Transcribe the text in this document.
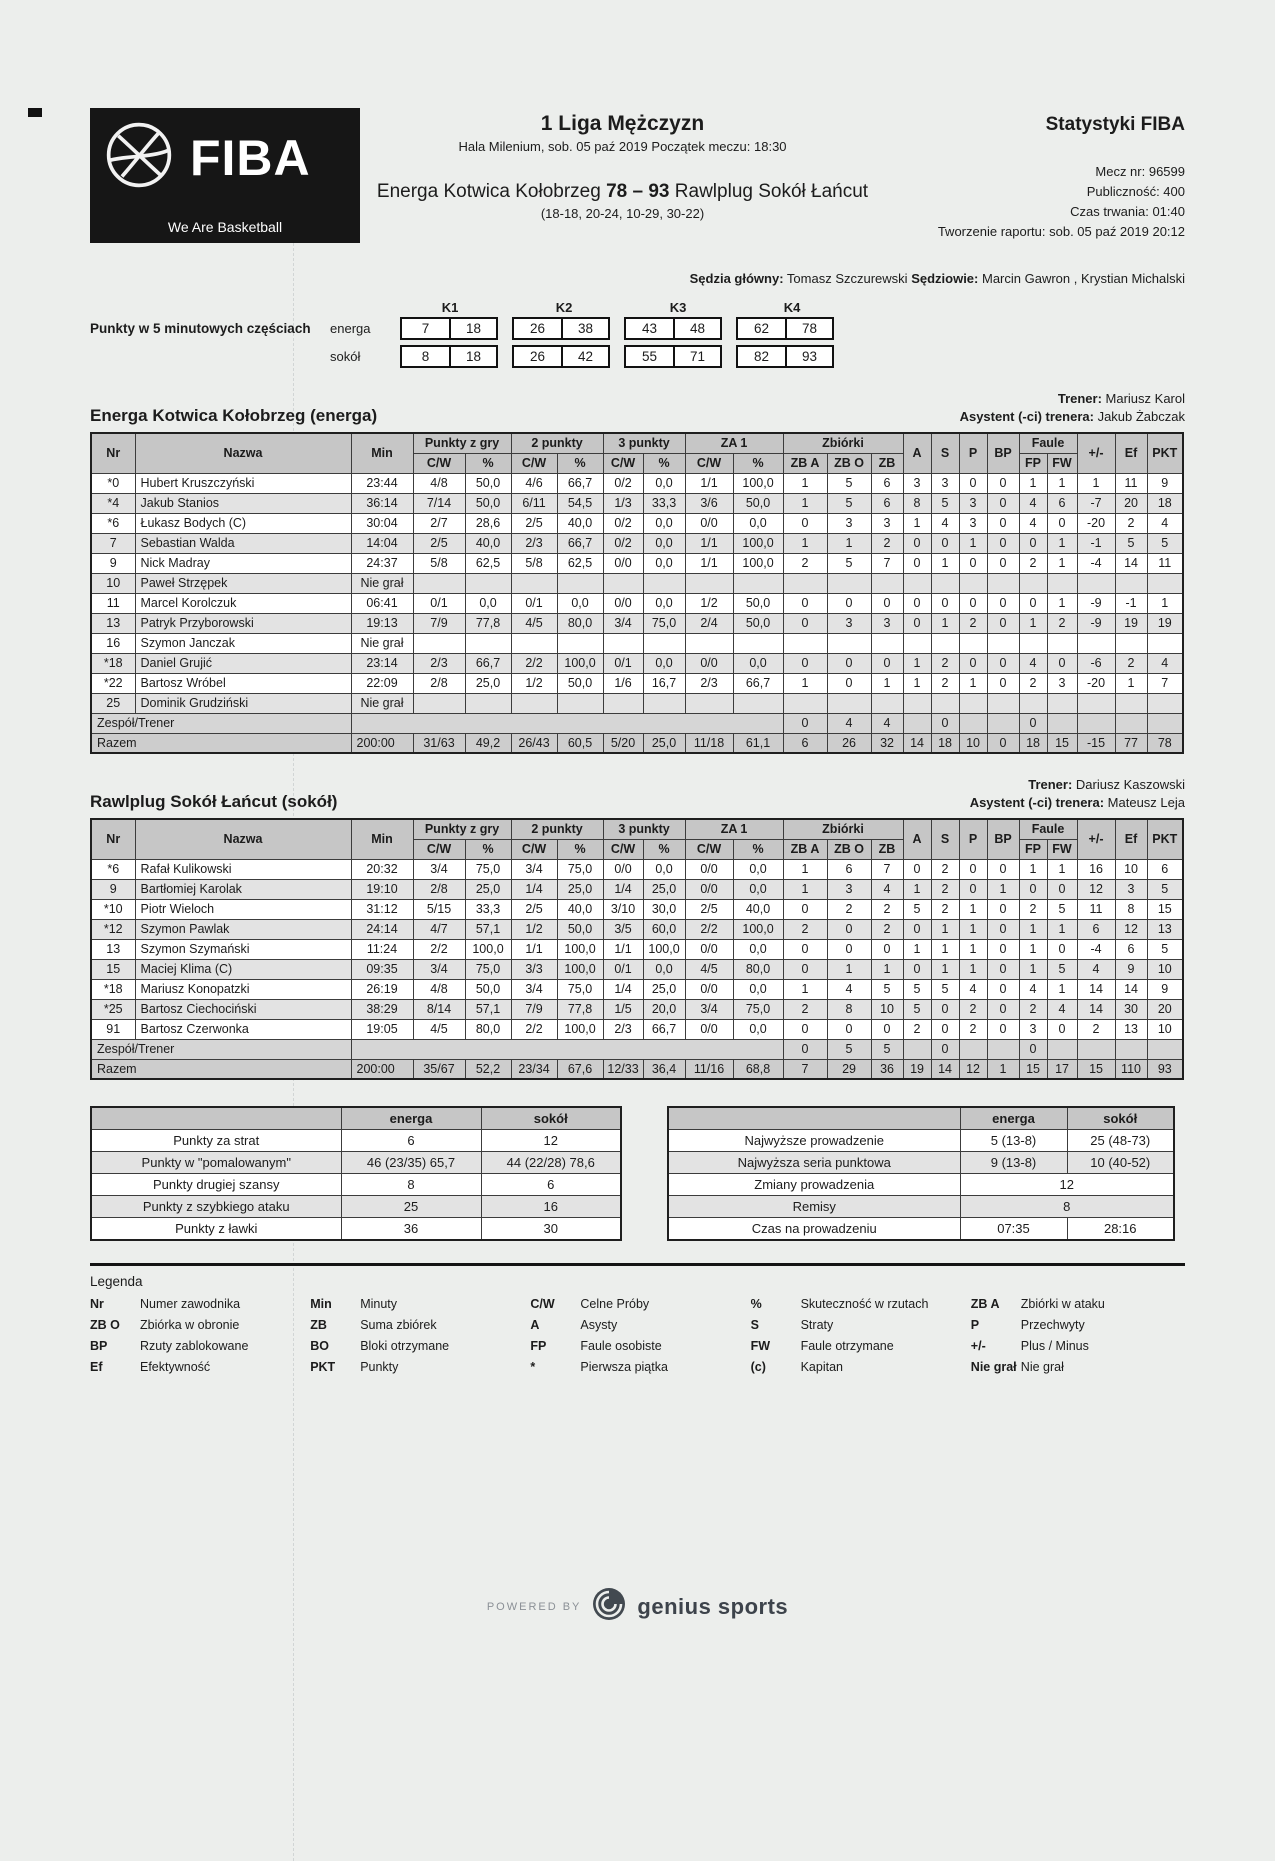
FIBA
We Are Basketball
1 Liga Mężczyzn
Hala Milenium, sob. 05 paź 2019 Początek meczu: 18:30
Energa Kotwica Kołobrzeg 78 – 93 Rawlplug Sokół Łańcut
(18-18, 20-24, 10-29, 30-22)
Statystyki FIBA
Mecz nr: 96599
Publiczność: 400
Czas trwania: 01:40
Tworzenie raportu: sob. 05 paź 2019 20:12
Sędzia główny: Tomasz Szczurewski Sędziowie: Marcin Gawron , Krystian Michalski
K1	K2	K3	K4
Punkty w 5 minutowych częściach	energa	7	18	26	38	43	48	62	78
sokół	8	18	26	42	55	71	82	93
Energa Kotwica Kołobrzeg (energa)
Trener: Mariusz Karol
Asystent (-ci) trenera: Jakub Żabczak
Nr	Nazwa	Min	Punkty z gry		2 punkty		3 punkty		ZA 1		Zbiórki			A	S	P	BP	Faule		+/-	Ef	PKT
			C/W	%	C/W	%	C/W	%	C/W	%	ZB A	ZB O	ZB					FP	FW			
*0	Hubert Kruszczyński	23:44	4/8	50,0	4/6	66,7	0/2	0,0	1/1	100,0	1	5	6	3	3	0	0	1	1	1	11	9
*4	Jakub Stanios	36:14	7/14	50,0	6/11	54,5	1/3	33,3	3/6	50,0	1	5	6	8	5	3	0	4	6	-7	20	18
*6	Łukasz Bodych (C)	30:04	2/7	28,6	2/5	40,0	0/2	0,0	0/0	0,0	0	3	3	1	4	3	0	4	0	-20	2	4
7	Sebastian Walda	14:04	2/5	40,0	2/3	66,7	0/2	0,0	1/1	100,0	1	1	2	0	0	1	0	0	1	-1	5	5
9	Nick Madray	24:37	5/8	62,5	5/8	62,5	0/0	0,0	1/1	100,0	2	5	7	0	1	0	0	2	1	-4	14	11
10	Paweł Strzępek	Nie grał																				
11	Marcel Korolczuk	06:41	0/1	0,0	0/1	0,0	0/0	0,0	1/2	50,0	0	0	0	0	0	0	0	0	1	-9	-1	1
13	Patryk Przyborowski	19:13	7/9	77,8	4/5	80,0	3/4	75,0	2/4	50,0	0	3	3	0	1	2	0	1	2	-9	19	19
16	Szymon Janczak	Nie grał																				
*18	Daniel Grujić	23:14	2/3	66,7	2/2	100,0	0/1	0,0	0/0	0,0	0	0	0	1	2	0	0	4	0	-6	2	4
*22	Bartosz Wróbel	22:09	2/8	25,0	1/2	50,0	1/6	16,7	2/3	66,7	1	0	1	1	2	1	0	2	3	-20	1	7
25	Dominik Grudziński	Nie grał																				
Zespół/Trener											0	4	4		0			0				
Razem		200:00	31/63	49,2	26/43	60,5	5/20	25,0	11/18	61,1	6	26	32	14	18	10	0	18	15	-15	77	78
Rawlplug Sokół Łańcut (sokół)
Trener: Dariusz Kaszowski
Asystent (-ci) trenera: Mateusz Leja
Nr	Nazwa	Min	Punkty z gry		2 punkty		3 punkty		ZA 1		Zbiórki			A	S	P	BP	Faule		+/-	Ef	PKT
			C/W	%	C/W	%	C/W	%	C/W	%	ZB A	ZB O	ZB					FP	FW			
*6	Rafał Kulikowski	20:32	3/4	75,0	3/4	75,0	0/0	0,0	0/0	0,0	1	6	7	0	2	0	0	1	1	16	10	6
9	Bartłomiej Karolak	19:10	2/8	25,0	1/4	25,0	1/4	25,0	0/0	0,0	1	3	4	1	2	0	1	0	0	12	3	5
*10	Piotr Wieloch	31:12	5/15	33,3	2/5	40,0	3/10	30,0	2/5	40,0	0	2	2	5	2	1	0	2	5	11	8	15
*12	Szymon Pawlak	24:14	4/7	57,1	1/2	50,0	3/5	60,0	2/2	100,0	2	0	2	0	1	1	0	1	1	6	12	13
13	Szymon Szymański	11:24	2/2	100,0	1/1	100,0	1/1	100,0	0/0	0,0	0	0	0	1	1	1	0	1	0	-4	6	5
15	Maciej Klima (C)	09:35	3/4	75,0	3/3	100,0	0/1	0,0	4/5	80,0	0	1	1	0	1	1	0	1	5	4	9	10
*18	Mariusz Konopatzki	26:19	4/8	50,0	3/4	75,0	1/4	25,0	0/0	0,0	1	4	5	5	5	4	0	4	1	14	14	9
*25	Bartosz Ciechociński	38:29	8/14	57,1	7/9	77,8	1/5	20,0	3/4	75,0	2	8	10	5	0	2	0	2	4	14	30	20
91	Bartosz Czerwonka	19:05	4/5	80,0	2/2	100,0	2/3	66,7	0/0	0,0	0	0	0	2	0	2	0	3	0	2	13	10
Zespół/Trener											0	5	5		0			0				
Razem		200:00	35/67	52,2	23/34	67,6	12/33	36,4	11/16	68,8	7	29	36	19	14	12	1	15	17	15	110	93
	energa	sokół
Punkty za strat	6	12
Punkty w "pomalowanym"	46 (23/35) 65,7	44 (22/28) 78,6
Punkty drugiej szansy	8	6
Punkty z szybkiego ataku	25	16
Punkty z ławki	36	30
	energa	sokół
Najwyższe prowadzenie	5 (13-8)	25 (48-73)
Najwyższa seria punktowa	9 (13-8)	10 (40-52)
Zmiany prowadzenia	12	
Remisy	8	
Czas na prowadzeniu	07:35	28:16
Legenda
Nr	Numer zawodnika	Min	Minuty	C/W	Celne Próby	%	Skuteczność w rzutach	ZB A	Zbiórki w ataku
ZB O	Zbiórka w obronie	ZB	Suma zbiórek	A	Asysty	S	Straty	P	Przechwyty
BP	Rzuty zablokowane	BO	Bloki otrzymane	FP	Faule osobiste	FW	Faule otrzymane	+/-	Plus / Minus
Ef	Efektywność	PKT	Punkty	*	Pierwsza piątka	(c)	Kapitan	Nie grał Nie grał
POWERED BY	genius sports
